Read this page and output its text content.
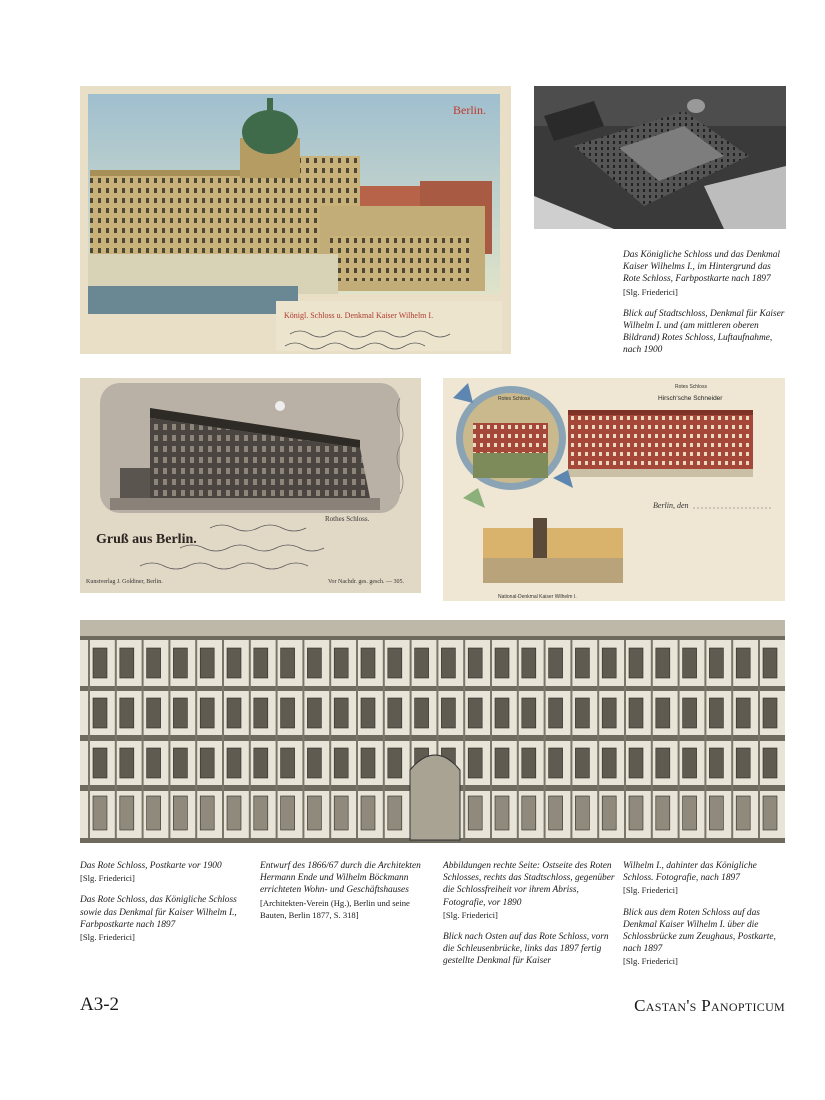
Berlin.
Königl. Schloss u. Denkmal Kaiser Wilhelm I.
Gruß aus Berlin.
Rothes Schloss.
Kunstverlag J. Goldiner, Berlin.	Vor Nachdr. ges. gesch. — 305.
Rotes Schloss
Rotes Schloss
Hirsch'sche Schneider
Berlin, den
National-Denkmal Kaiser Wilhelm I.

Das Königliche Schloss und das Denkmal Kaiser Wilhelms I., im Hintergrund das Rote Schloss, Farbpostkarte nach 1897
[Slg. Friederici]

Blick auf Stadtschloss, Denkmal für Kaiser Wilhelm I. und (am mittleren oberen Bildrand) Rotes Schloss, Luftaufnahme, nach 1900

Das Rote Schloss, Postkarte vor 1900
[Slg. Friederici]

Das Rote Schloss, das Königliche Schloss sowie das Denkmal für Kaiser Wilhelm I., Farbpostkarte nach 1897
[Slg. Friederici]

Entwurf des 1866/67 durch die Architekten Hermann Ende und Wilhelm Böckmann errichteten Wohn- und Geschäftshauses
[Architekten-Verein (Hg.), Berlin und seine Bauten, Berlin 1877, S. 318]

Abbildungen rechte Seite: Ostseite des Roten Schlosses, rechts das Stadtschloss, gegenüber die Schlossfreiheit vor ihrem Abriss, Fotografie, vor 1890
[Slg. Friederici]

Blick nach Osten auf das Rote Schloss, vorn die Schleusenbrücke, links das 1897 fertig gestellte Denkmal für Kaiser

Wilhelm I., dahinter das Königliche Schloss. Fotografie, nach 1897
[Slg. Friederici]

Blick aus dem Roten Schloss auf das Denkmal Kaiser Wilhelm I. über die Schlossbrücke zum Zeughaus, Postkarte, nach 1897
[Slg. Friederici]

A3-2	Castan's Panopticum
